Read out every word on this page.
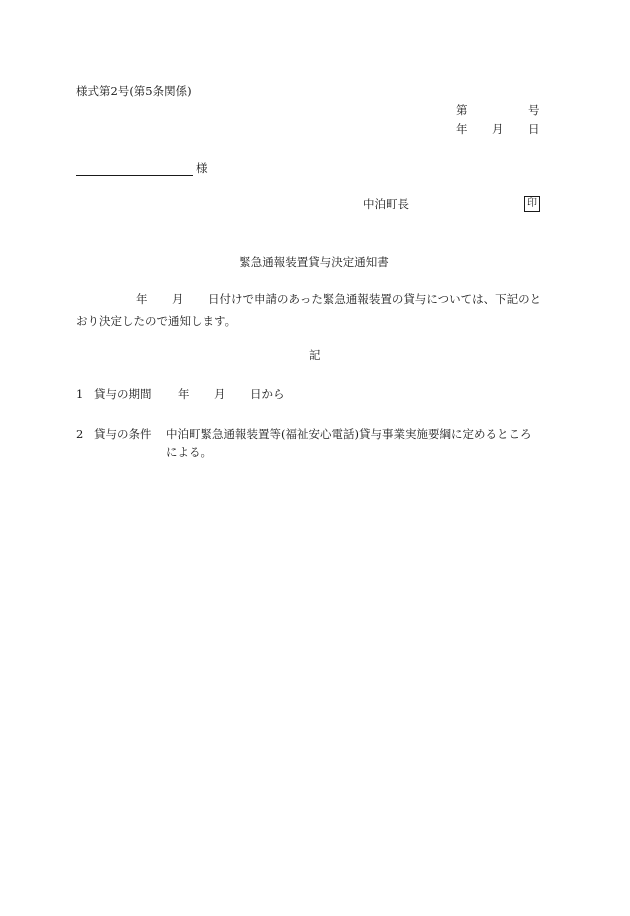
様式第2号(第5条関係)
第	号
年 月 日
様
中泊町長	印
緊急通報装置貸与決定通知書
年 月 日付けで申請のあった緊急通報装置の貸与については、下記のと
おり決定したので通知します。
記
1 貸与の期間 年 月 日から
2 貸与の条件 中泊町緊急通報装置等(福祉安心電話)貸与事業実施要綱に定めるところ
による。
